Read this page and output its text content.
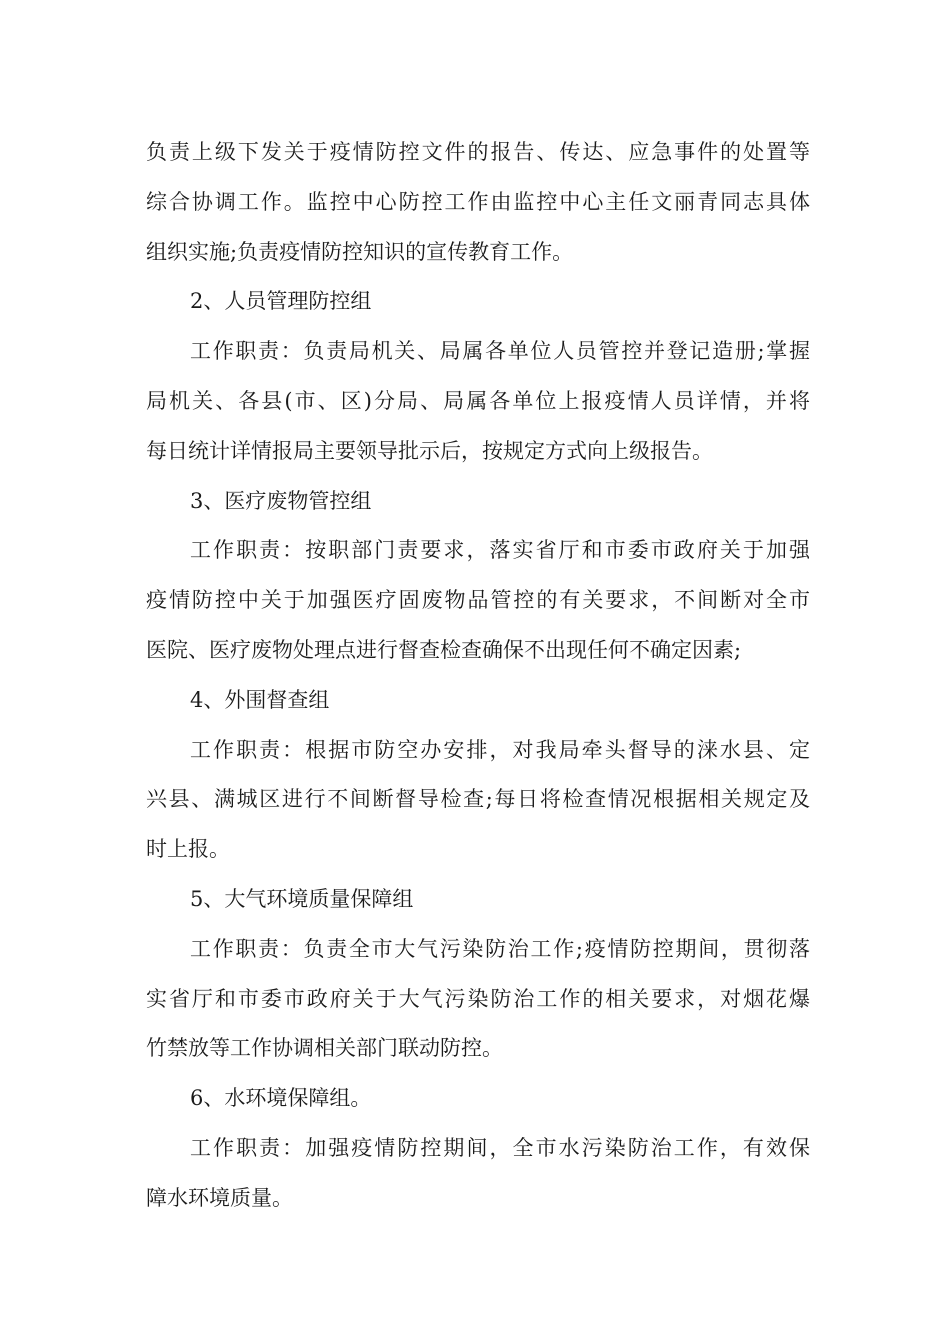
负责上级下发关于疫情防控文件的报告、传达、应急事件的处置等
综合协调工作。监控中心防控工作由监控中心主任文丽青同志具体
组织实施;负责疫情防控知识的宣传教育工作。
2、人员管理防控组
工作职责：负责局机关、局属各单位人员管控并登记造册;掌握
局机关、各县(市、区)分局、局属各单位上报疫情人员详情，并将
每日统计详情报局主要领导批示后，按规定方式向上级报告。
3、医疗废物管控组
工作职责：按职部门责要求，落实省厅和市委市政府关于加强
疫情防控中关于加强医疗固废物品管控的有关要求，不间断对全市
医院、医疗废物处理点进行督查检查确保不出现任何不确定因素;
4、外围督查组
工作职责：根据市防空办安排，对我局牵头督导的涞水县、定
兴县、满城区进行不间断督导检查;每日将检查情况根据相关规定及
时上报。
5、大气环境质量保障组
工作职责：负责全市大气污染防治工作;疫情防控期间，贯彻落
实省厅和市委市政府关于大气污染防治工作的相关要求，对烟花爆
竹禁放等工作协调相关部门联动防控。
6、水环境保障组。
工作职责：加强疫情防控期间，全市水污染防治工作，有效保
障水环境质量。
